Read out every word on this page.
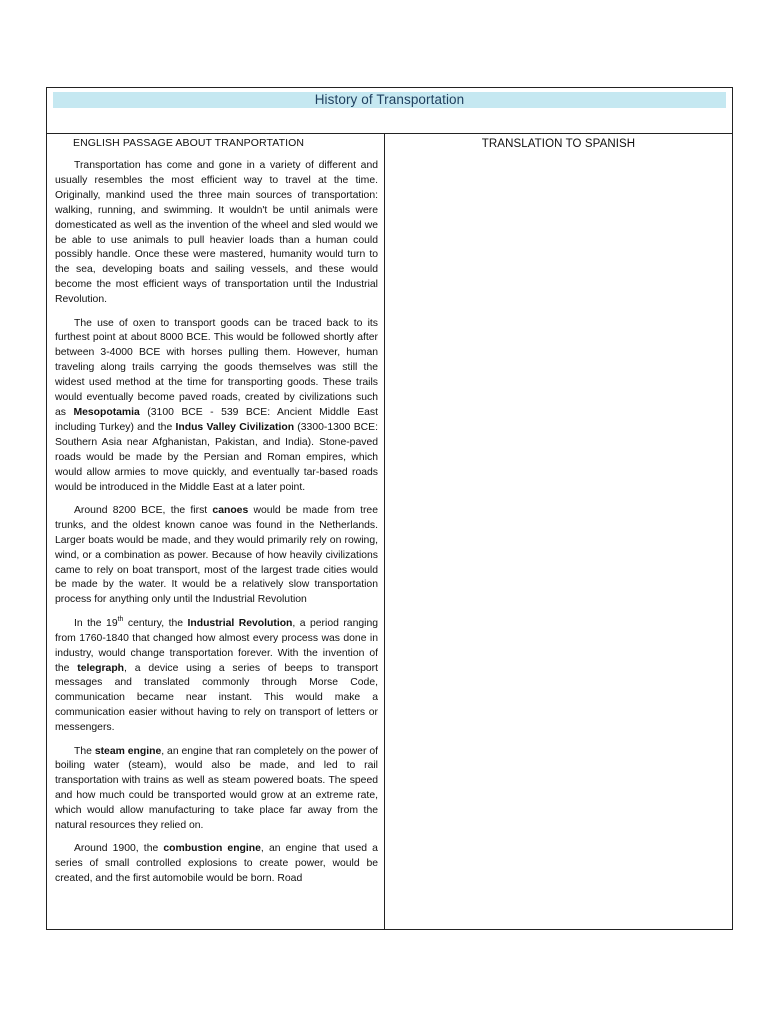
History of Transportation
ENGLISH PASSAGE ABOUT TRANPORTATION

Transportation has come and gone in a variety of different and usually resembles the most efficient way to travel at the time. Originally, mankind used the three main sources of transportation: walking, running, and swimming. It wouldn't be until animals were domesticated as well as the invention of the wheel and sled would we be able to use animals to pull heavier loads than a human could possibly handle. Once these were mastered, humanity would turn to the sea, developing boats and sailing vessels, and these would become the most efficient ways of transportation until the Industrial Revolution.

The use of oxen to transport goods can be traced back to its furthest point at about 8000 BCE. This would be followed shortly after between 3-4000 BCE with horses pulling them. However, human traveling along trails carrying the goods themselves was still the widest used method at the time for transporting goods. These trails would eventually become paved roads, created by civilizations such as Mesopotamia (3100 BCE - 539 BCE: Ancient Middle East including Turkey) and the Indus Valley Civilization (3300-1300 BCE: Southern Asia near Afghanistan, Pakistan, and India). Stone-paved roads would be made by the Persian and Roman empires, which would allow armies to move quickly, and eventually tar-based roads would be introduced in the Middle East at a later point.

Around 8200 BCE, the first canoes would be made from tree trunks, and the oldest known canoe was found in the Netherlands. Larger boats would be made, and they would primarily rely on rowing, wind, or a combination as power. Because of how heavily civilizations came to rely on boat transport, most of the largest trade cities would be made by the water. It would be a relatively slow transportation process for anything only until the Industrial Revolution

In the 19th century, the Industrial Revolution, a period ranging from 1760-1840 that changed how almost every process was done in industry, would change transportation forever. With the invention of the telegraph, a device using a series of beeps to transport messages and translated commonly through Morse Code, communication became near instant. This would make a communication easier without having to rely on transport of letters or messengers.

The steam engine, an engine that ran completely on the power of boiling water (steam), would also be made, and led to rail transportation with trains as well as steam powered boats. The speed and how much could be transported would grow at an extreme rate, which would allow manufacturing to take place far away from the natural resources they relied on.

Around 1900, the combustion engine, an engine that used a series of small controlled explosions to create power, would be created, and the first automobile would be born. Road

TRANSLATION TO SPANISH
